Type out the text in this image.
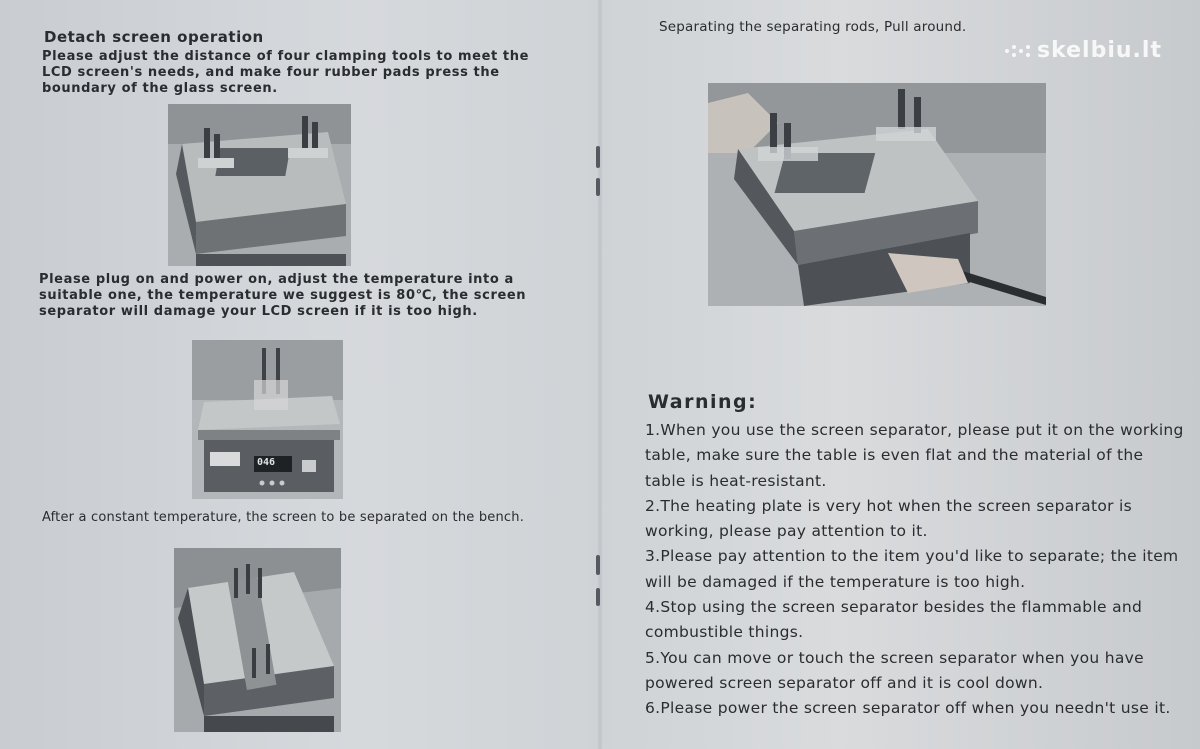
Detach screen operation
Please adjust the distance of four clamping tools to meet the LCD screen's needs, and make four rubber pads press the boundary of the glass screen.
Please plug on and power on, adjust the temperature into a suitable one, the temperature we suggest is 80℃, the screen separator will damage your LCD screen if it is too high.
046
After a constant temperature, the screen to be separated on the bench.
Separating the separating rods, Pull around.
skelbiu.lt
Warning:
1.When you use the screen separator, please put it on the working table, make sure the table is even flat and the material of the table is heat-resistant.
2.The heating plate is very hot when the screen separator is working, please pay attention to it.
3.Please pay attention to the item you'd like to separate; the item will be damaged if the temperature is too high.
4.Stop using the screen separator besides the flammable and combustible things.
5.You can move or touch the screen separator when you have powered screen separator off and it is cool down.
6.Please power the screen separator off when you needn't use it.
